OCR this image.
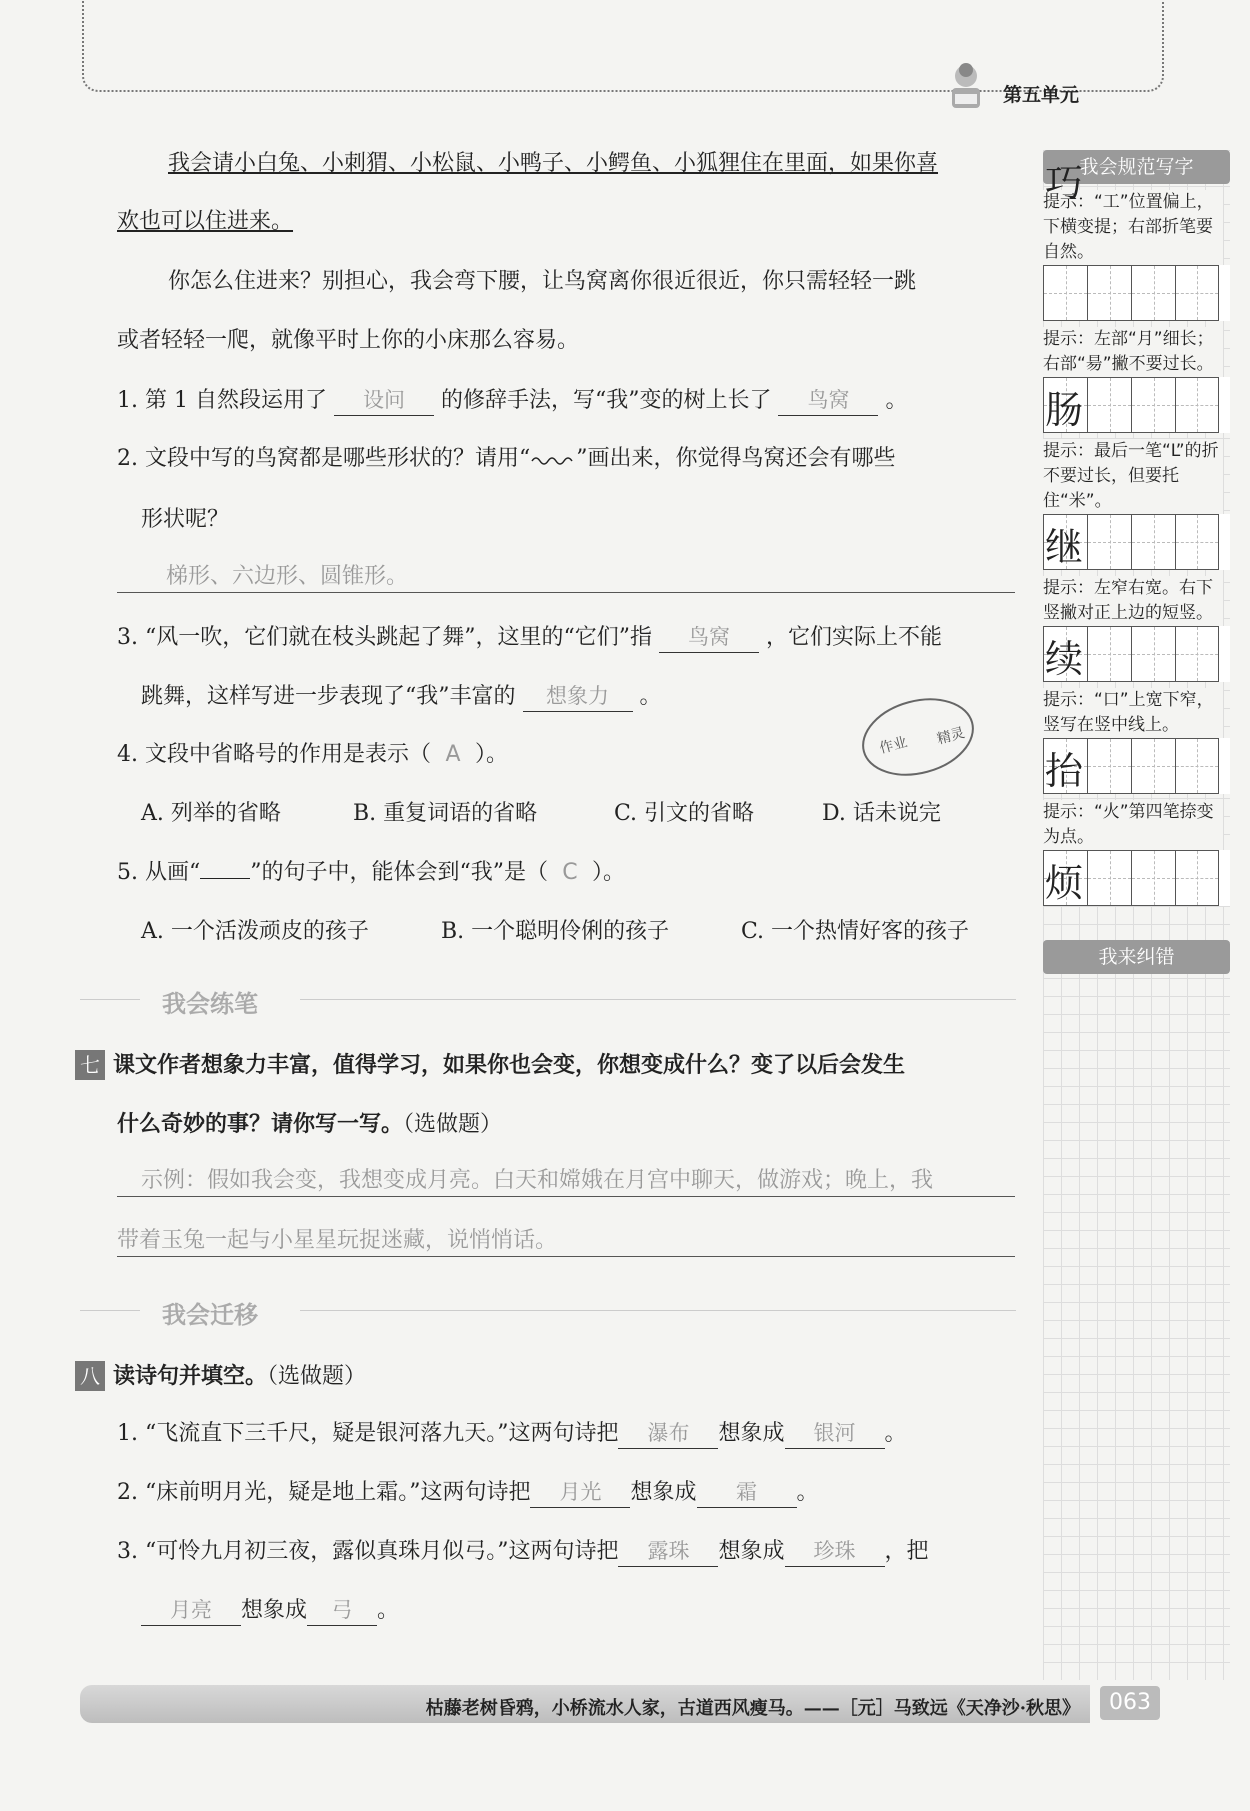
第五单元
我会请小白兔、小刺猬、小松鼠、小鸭子、小鳄鱼、小狐狸住在里面，如果你喜
欢也可以住进来。
你怎么住进来？别担心，我会弯下腰，让鸟窝离你很近很近，你只需轻轻一跳
或者轻轻一爬，就像平时上你的小床那么容易。
1. 第 1 自然段运用了 设问 的修辞手法，写“我”变的树上长了 鸟窝 。
2. 文段中写的鸟窝都是哪些形状的？请用“ ”画出来，你觉得鸟窝还会有哪些
形状呢？
梯形、六边形、圆锥形。
3. “风一吹，它们就在枝头跳起了舞”，这里的“它们”指 鸟窝 ，它们实际上不能
跳舞，这样写进一步表现了“我”丰富的 想象力 。
作业 精灵
4. 文段中省略号的作用是表示（ A ）。
A. 列举的省略	B. 重复词语的省略	C. 引文的省略	D. 话未说完
5. 从画“ ”的句子中，能体会到“我”是（ C ）。
A. 一个活泼顽皮的孩子	B. 一个聪明伶俐的孩子	C. 一个热情好客的孩子
我会练笔
七 课文作者想象力丰富，值得学习，如果你也会变，你想变成什么？变了以后会发生
什么奇妙的事？请你写一写。（选做题）
示例：假如我会变，我想变成月亮。白天和嫦娥在月宫中聊天，做游戏；晚上，我
带着玉兔一起与小星星玩捉迷藏，说悄悄话。
我会迁移
八 读诗句并填空。（选做题）
1. “飞流直下三千尺，疑是银河落九天。”这两句诗把 瀑布 想象成 银河 。
2. “床前明月光，疑是地上霜。”这两句诗把 月光 想象成 霜 。
3. “可怜九月初三夜，露似真珠月似弓。”这两句诗把 露珠 想象成 珍珠 ，把
月亮 想象成 弓 。
我会规范写字
提示：“工”位置偏上，下横变提；右部折笔要自然。
巧
提示：左部“月”细长；右部“昜”撇不要过长。
肠
提示：最后一笔“L”的折不要过长，但要托住“米”。
继
提示：左窄右宽。右下竖撇对正上边的短竖。
续
提示：“口”上宽下窄，竖写在竖中线上。
抬
提示：“火”第四笔捺变为点。
烦
我来纠错
枯藤老树昏鸦，小桥流水人家，古道西风瘦马。——［元］马致远《天净沙·秋思》	063
